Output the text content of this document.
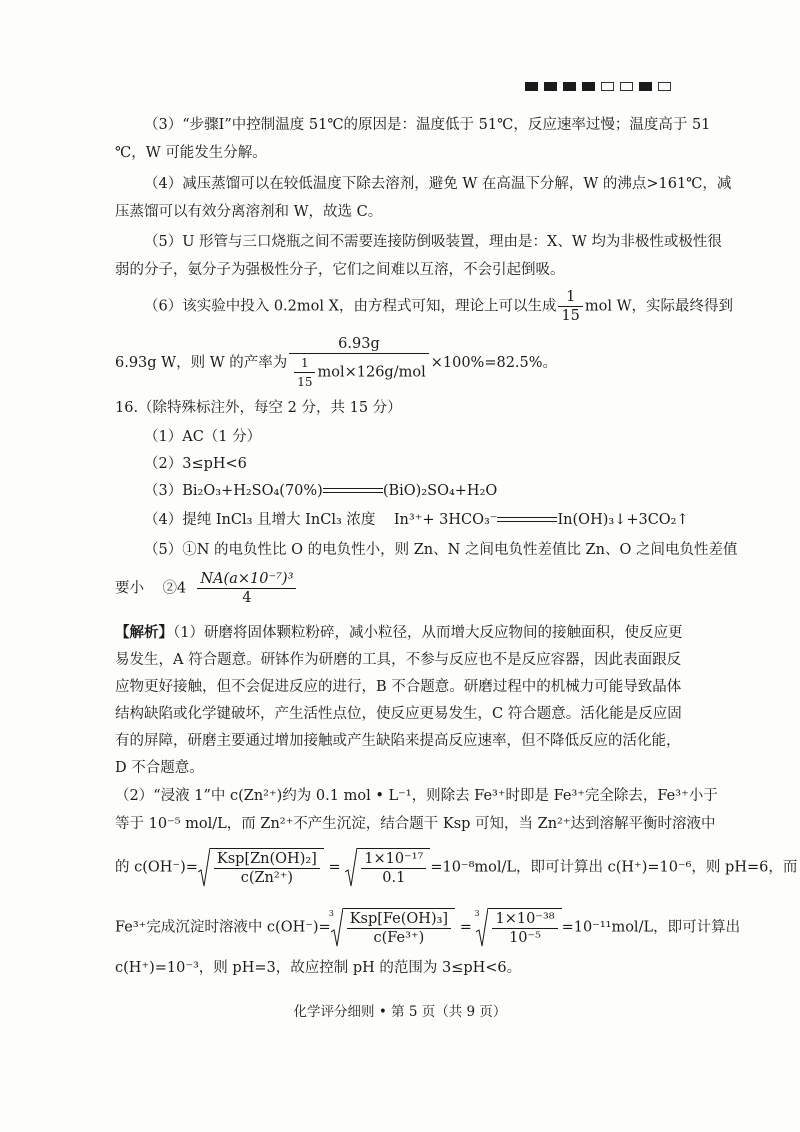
（3）“步骤Ⅰ”中控制温度 51℃的原因是：温度低于 51℃，反应速率过慢；温度高于 51
℃，W 可能发生分解。
（4）减压蒸馏可以在较低温度下除去溶剂，避免 W 在高温下分解，W 的沸点>161℃，减
压蒸馏可以有效分离溶剂和 W，故选 C。
（5）U 形管与三口烧瓶之间不需要连接防倒吸装置，理由是：X、W 均为非极性或极性很
弱的分子，氨分子为强极性分子，它们之间难以互溶，不会引起倒吸。
（6）该实验中投入 0.2mol X，由方程式可知，理论上可以生成 $\frac{1}{15}$ mol W，实际最终得到
6.93g W，则 W 的产率为 $\frac{6.93g}{\frac{1}{15} mol\times 126g/mol} \times 100\%=82.5\%$。
16.（除特殊标注外，每空 2 分，共 15 分）
（1）AC（1 分）
（2）3≤pH<6
（3）Bi₂O₃+H₂SO₄(70%)	(BiO)₂SO₄+H₂O
（4）提纯 InCl₃ 且增大 InCl₃ 浓度 In³⁺+ 3HCO₃⁻	In(OH)₃↓+3CO₂↑
（5）①N 的电负性比 O 的电负性小，则 Zn、N 之间电负性差值比 Zn、O 之间电负性差值
要小 ②4 $\frac{\text{NA(a×10⁻⁷)³}}{4}$
【解析】（1）研磨将固体颗粒粉碎，减小粒径，从而增大反应物间的接触面积，使反应更
易发生，A 符合题意。研钵作为研磨的工具，不参与反应也不是反应容器，因此表面跟反
应物更好接触，但不会促进反应的进行，B 不合题意。研磨过程中的机械力可能导致晶体
结构缺陷或化学键破坏，产生活性点位，使反应更易发生，C 符合题意。活化能是反应固
有的屏障，研磨主要通过增加接触或产生缺陷来提高反应速率，但不降低反应的活化能，
D 不合题意。
（2）“浸液 1”中 c(Zn²⁺)约为 0.1 mol • L⁻¹，则除去 Fe³⁺时即是 Fe³⁺完全除去，Fe³⁺小于
等于 10⁻⁵ mol/L，而 Zn²⁺不产生沉淀，结合题干 Ksp 可知，当 Zn²⁺达到溶解平衡时溶液中
的 $c(OH^-)= \frac{\text{Ksp[Zn(OH)₂]}}{\text{c(Zn²⁺)}} = \frac{\text{1×10⁻¹⁷}}{0.1} =10^{-8}mol/L$，即可计算出 c(H⁺)=10⁻⁶，则 pH=6，而
Fe³⁺完成沉淀时溶液中 c(OH⁻)=
$3 \frac{\text{Ksp[Fe(OH)₃]}}{\text{c(Fe³⁺)}}$ =
$3 \frac{\text{1×10⁻³⁸}}{\text{10⁻⁵}} =10^{-11}mol/L$，即可计算出
c(H⁺)=10⁻³，则 pH=3，故应控制 pH 的范围为 3≤pH<6。
化学评分细则 • 第 5 页（共 9 页）
